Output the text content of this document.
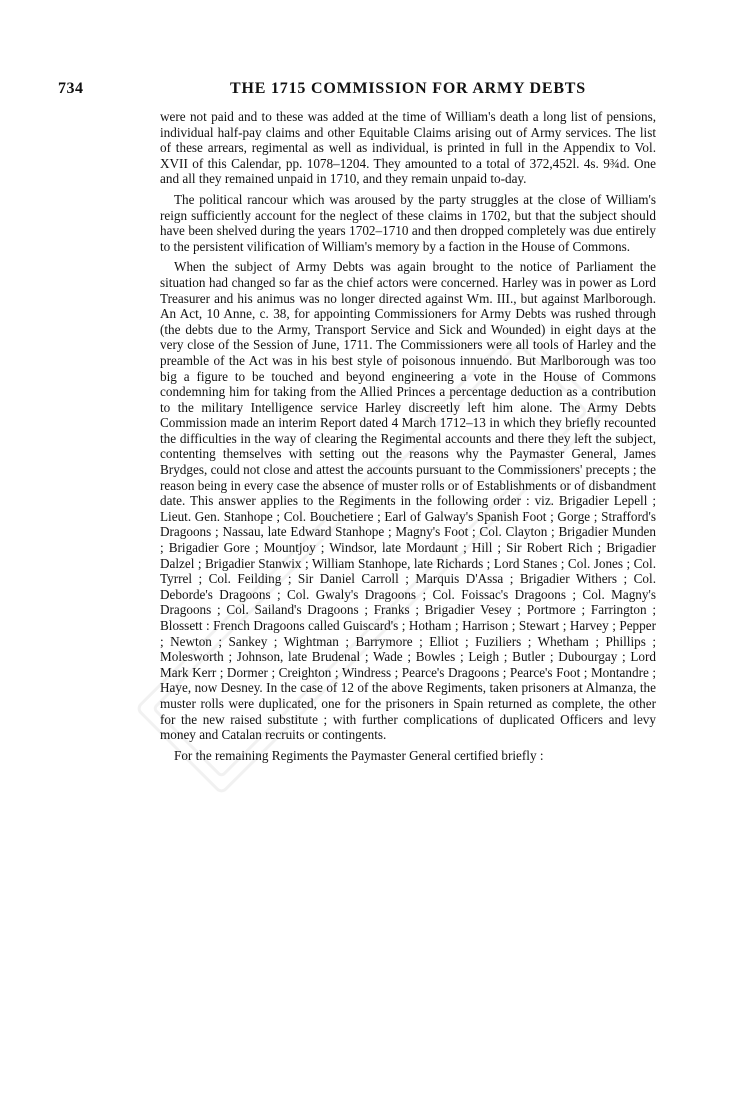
734	THE 1715 COMMISSION FOR ARMY DEBTS

were not paid and to these was added at the time of William's death a long list of pensions, individual half-pay claims and other Equitable Claims arising out of Army services. The list of these arrears, regimental as well as individual, is printed in full in the Appendix to Vol. XVII of this Calendar, pp. 1078–1204. They amounted to a total of 372,452l. 4s. 9¾d. One and all they remained unpaid in 1710, and they remain unpaid to-day.

The political rancour which was aroused by the party struggles at the close of William's reign sufficiently account for the neglect of these claims in 1702, but that the subject should have been shelved during the years 1702–1710 and then dropped completely was due entirely to the persistent vilification of William's memory by a faction in the House of Commons.

When the subject of Army Debts was again brought to the notice of Parliament the situation had changed so far as the chief actors were concerned. Harley was in power as Lord Treasurer and his animus was no longer directed against Wm. III., but against Marlborough. An Act, 10 Anne, c. 38, for appointing Commissioners for Army Debts was rushed through (the debts due to the Army, Transport Service and Sick and Wounded) in eight days at the very close of the Session of June, 1711. The Commissioners were all tools of Harley and the preamble of the Act was in his best style of poisonous innuendo. But Marlborough was too big a figure to be touched and beyond engineering a vote in the House of Commons condemning him for taking from the Allied Princes a percentage deduction as a contribution to the military Intelligence service Harley discreetly left him alone. The Army Debts Commission made an interim Report dated 4 March 1712–13 in which they briefly recounted the difficulties in the way of clearing the Regimental accounts and there they left the subject, contenting themselves with setting out the reasons why the Paymaster General, James Brydges, could not close and attest the accounts pursuant to the Commissioners' precepts ; the reason being in every case the absence of muster rolls or of Establishments or of disbandment date. This answer applies to the Regiments in the following order : viz. Brigadier Lepell ; Lieut. Gen. Stanhope ; Col. Bouchetiere ; Earl of Galway's Spanish Foot ; Gorge ; Strafford's Dragoons ; Nassau, late Edward Stanhope ; Magny's Foot ; Col. Clayton ; Brigadier Munden ; Brigadier Gore ; Mountjoy ; Windsor, late Mordaunt ; Hill ; Sir Robert Rich ; Brigadier Dalzel ; Brigadier Stanwix ; William Stanhope, late Richards ; Lord Stanes ; Col. Jones ; Col. Tyrrel ; Col. Feilding ; Sir Daniel Carroll ; Marquis D'Assa ; Brigadier Withers ; Col. Deborde's Dragoons ; Col. Gwaly's Dragoons ; Col. Foissac's Dragoons ; Col. Magny's Dragoons ; Col. Sailand's Dragoons ; Franks ; Brigadier Vesey ; Portmore ; Farrington ; Blossett : French Dragoons called Guiscard's ; Hotham ; Harrison ; Stewart ; Harvey ; Pepper ; Newton ; Sankey ; Wightman ; Barrymore ; Elliot ; Fuziliers ; Whetham ; Phillips ; Molesworth ; Johnson, late Brudenal ; Wade ; Bowles ; Leigh ; Butler ; Dubourgay ; Lord Mark Kerr ; Dormer ; Creighton ; Windress ; Pearce's Dragoons ; Pearce's Foot ; Montandre ; Haye, now Desney. In the case of 12 of the above Regiments, taken prisoners at Almanza, the muster rolls were duplicated, one for the prisoners in Spain returned as complete, the other for the new raised substitute ; with further complications of duplicated Officers and levy money and Catalan recruits or contingents.

For the remaining Regiments the Paymaster General certified briefly :
